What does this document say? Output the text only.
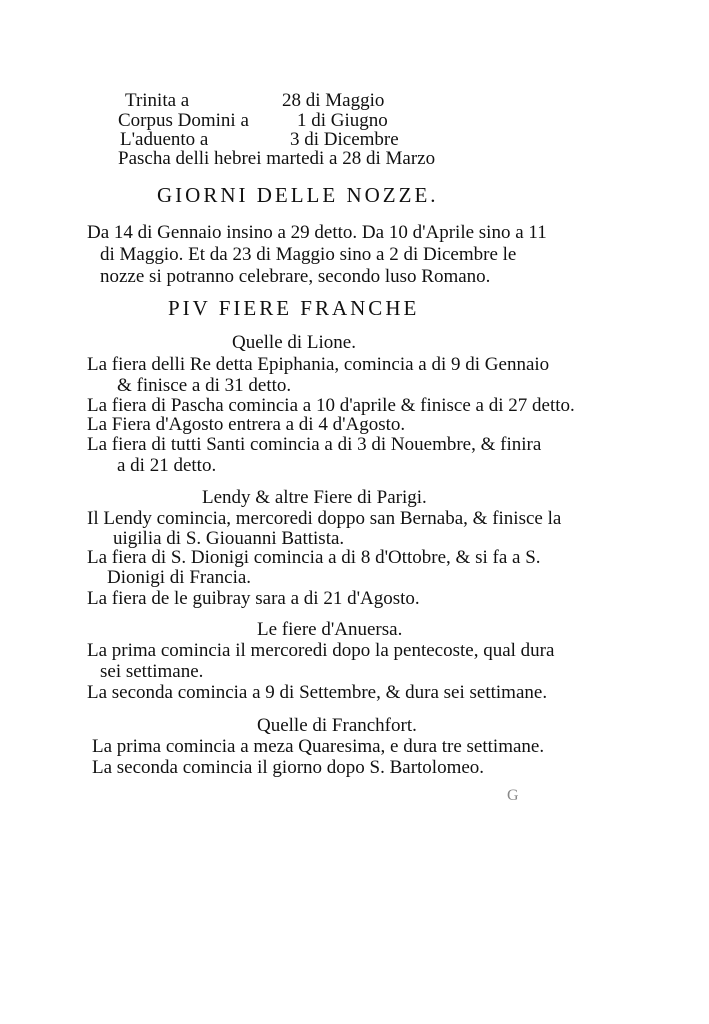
Trinita a	28 di Maggio
Corpus Domini a	1 di Giugno
L'aduento a	3 di Dicembre
Pascha delli hebrei martedi a 28 di Marzo
GIORNI DELLE NOZZE.
Da 14 di Gennaio insino a 29 detto. Da 10 d'Aprile sino a 11
di Maggio. Et da 23 di Maggio sino a 2 di Dicembre le
nozze si potranno celebrare, secondo luso Romano.
PIV FIERE FRANCHE
Quelle di Lione.
La fiera delli Re detta Epiphania, comincia a di 9 di Gennaio
& finisce a di 31 detto.
La fiera di Pascha comincia a 10 d'aprile & finisce a di 27 detto.
La Fiera d'Agosto entrera a di 4 d'Agosto.
La fiera di tutti Santi comincia a di 3 di Nouembre, & finira
a di 21 detto.
Lendy & altre Fiere di Parigi.
Il Lendy comincia, mercoredi doppo san Bernaba, & finisce la
uigilia di S. Giouanni Battista.
La fiera di S. Dionigi comincia a di 8 d'Ottobre, & si fa a S.
Dionigi di Francia.
La fiera de le guibray sara a di 21 d'Agosto.
Le fiere d'Anuersa.
La prima comincia il mercoredi dopo la pentecoste, qual dura
sei settimane.
La seconda comincia a 9 di Settembre, & dura sei settimane.
Quelle di Franchfort.
La prima comincia a meza Quaresima, e dura tre settimane.
La seconda comincia il giorno dopo S. Bartolomeo.
G
